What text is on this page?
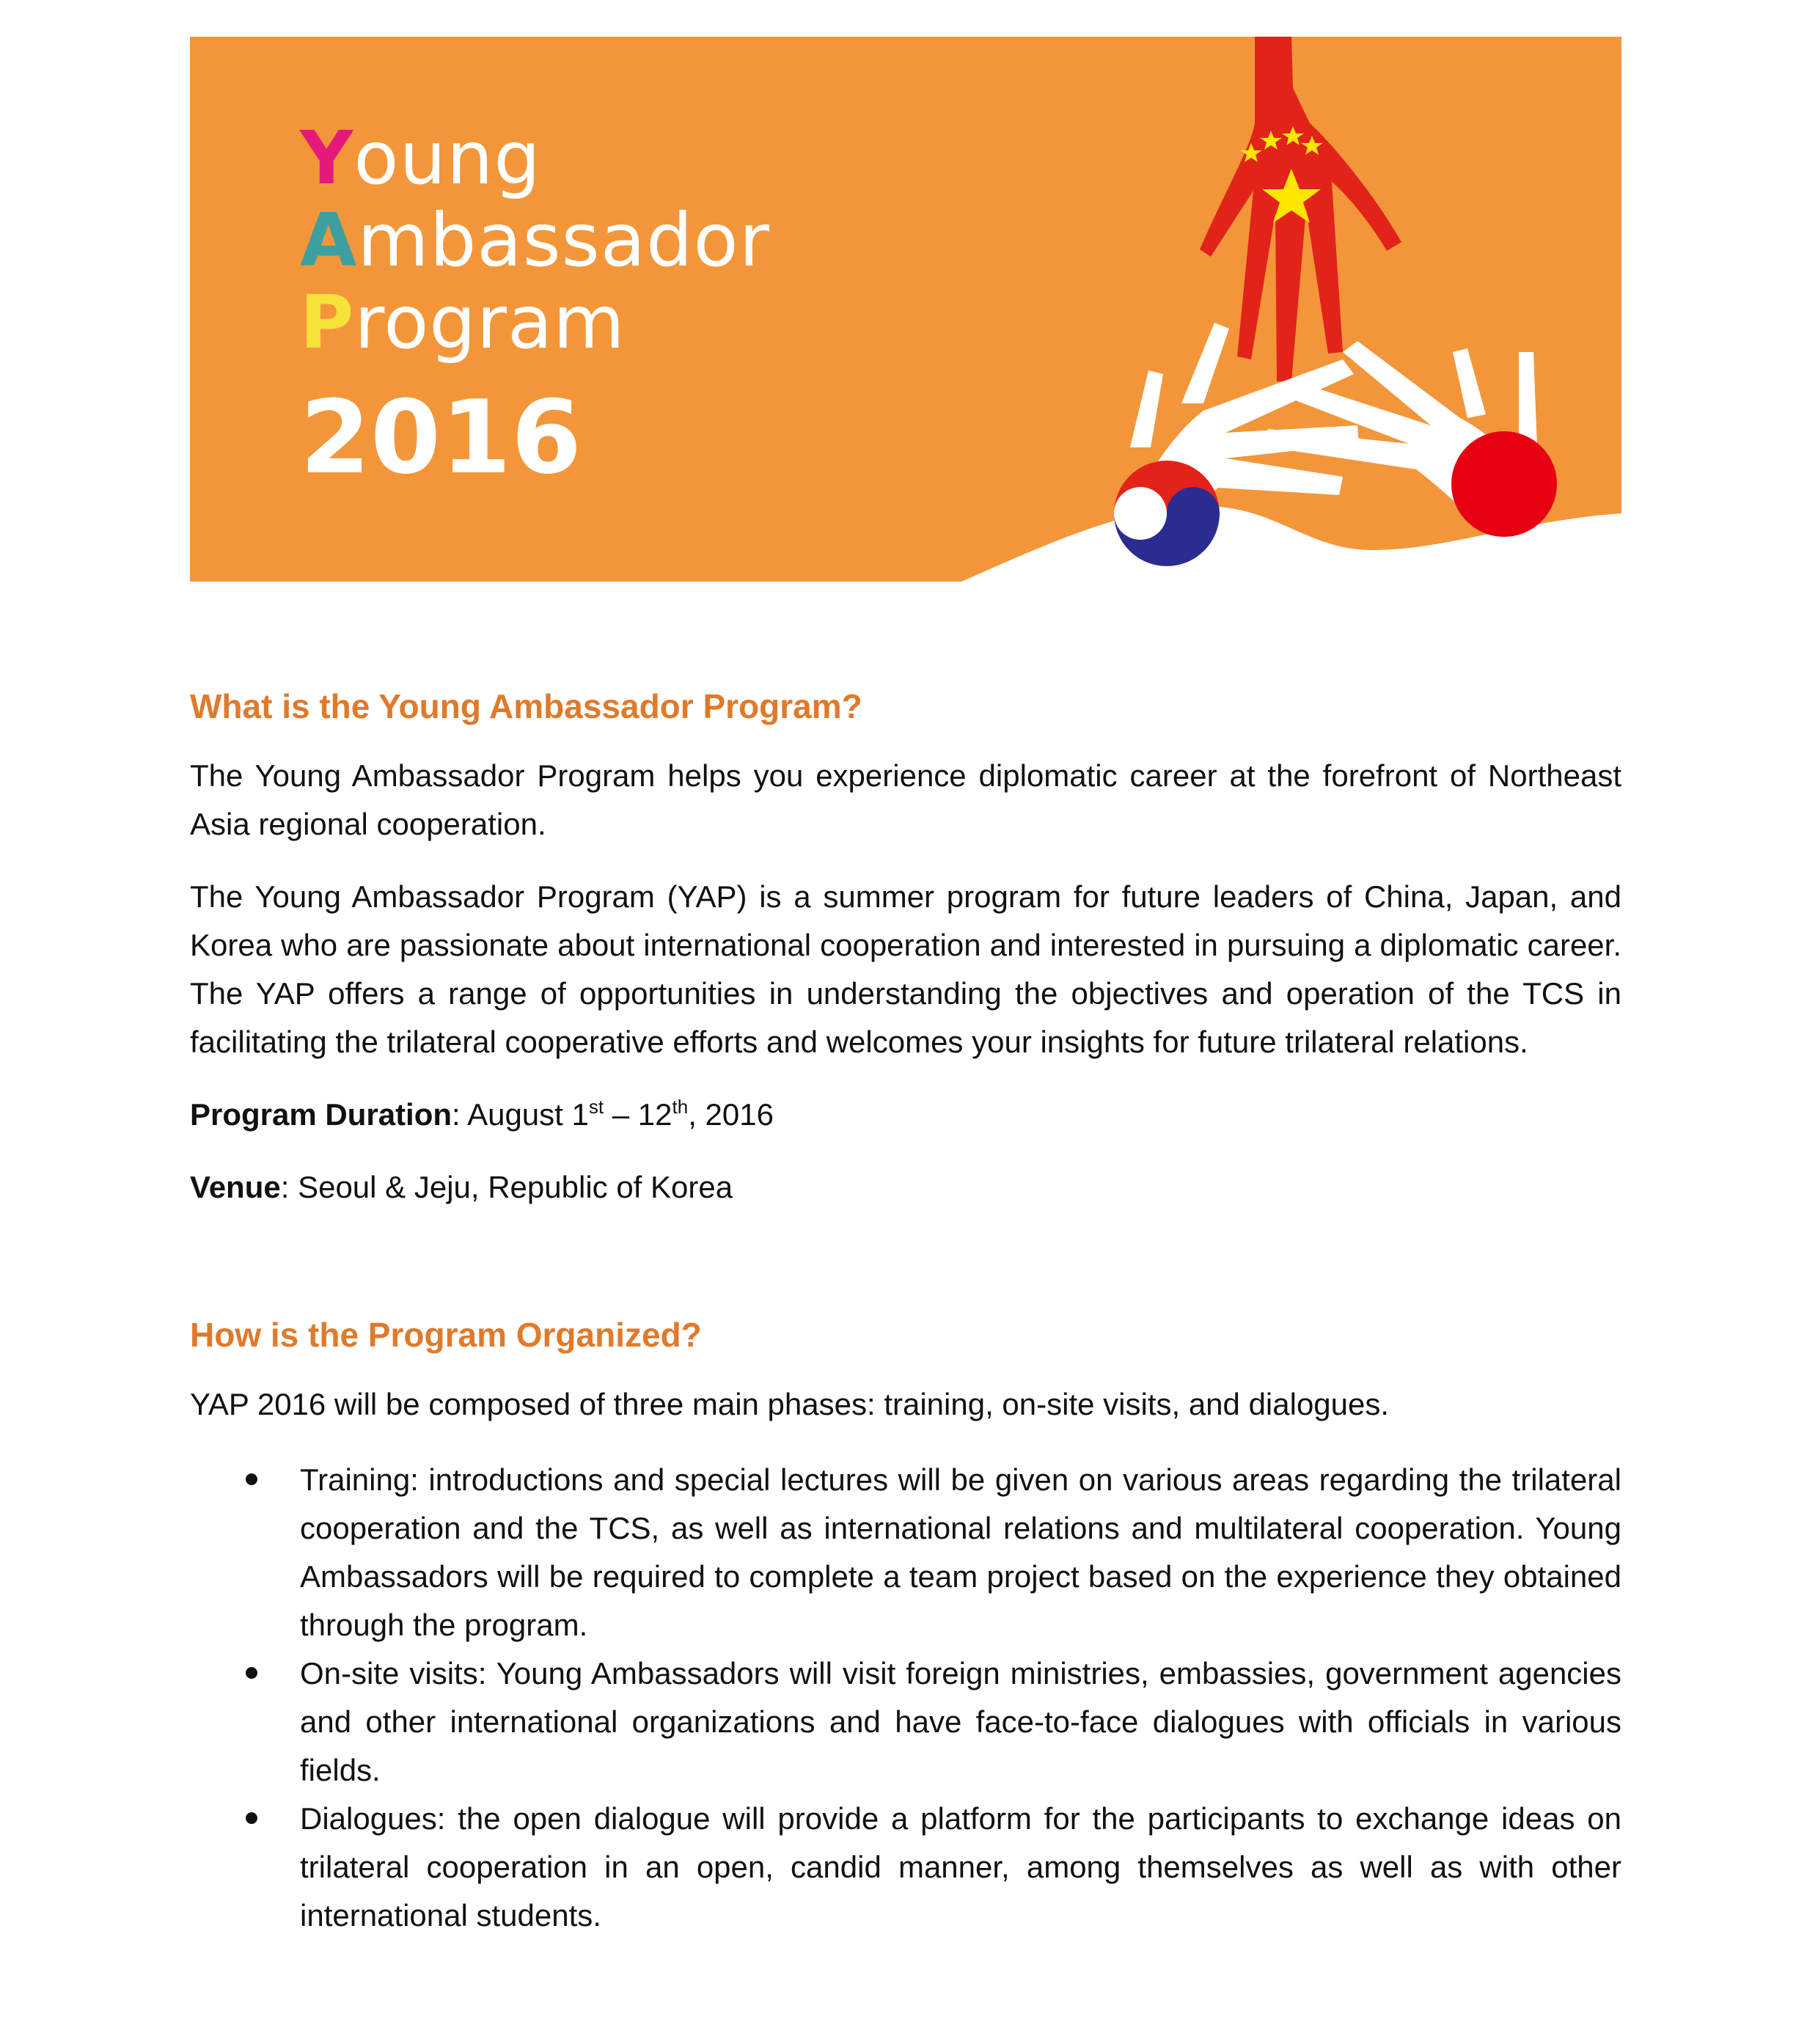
Young
Ambassador
Program
2016
What is the Young Ambassador Program?

The Young Ambassador Program helps you experience diplomatic career at the forefront of Northeast Asia regional cooperation.

The Young Ambassador Program (YAP) is a summer program for future leaders of China, Japan, and Korea who are passionate about international cooperation and interested in pursuing a diplomatic career. The YAP offers a range of opportunities in understanding the objectives and operation of the TCS in facilitating the trilateral cooperative efforts and welcomes your insights for future trilateral relations.

Program Duration: August 1st – 12th, 2016

Venue: Seoul & Jeju, Republic of Korea

How is the Program Organized?

YAP 2016 will be composed of three main phases: training, on-site visits, and dialogues.

Training: introductions and special lectures will be given on various areas regarding the trilateral cooperation and the TCS, as well as international relations and multilateral cooperation. Young Ambassadors will be required to complete a team project based on the experience they obtained through the program.
On-site visits: Young Ambassadors will visit foreign ministries, embassies, government agencies and other international organizations and have face-to-face dialogues with officials in various fields.
Dialogues: the open dialogue will provide a platform for the participants to exchange ideas on trilateral cooperation in an open, candid manner, among themselves as well as with other international students.
